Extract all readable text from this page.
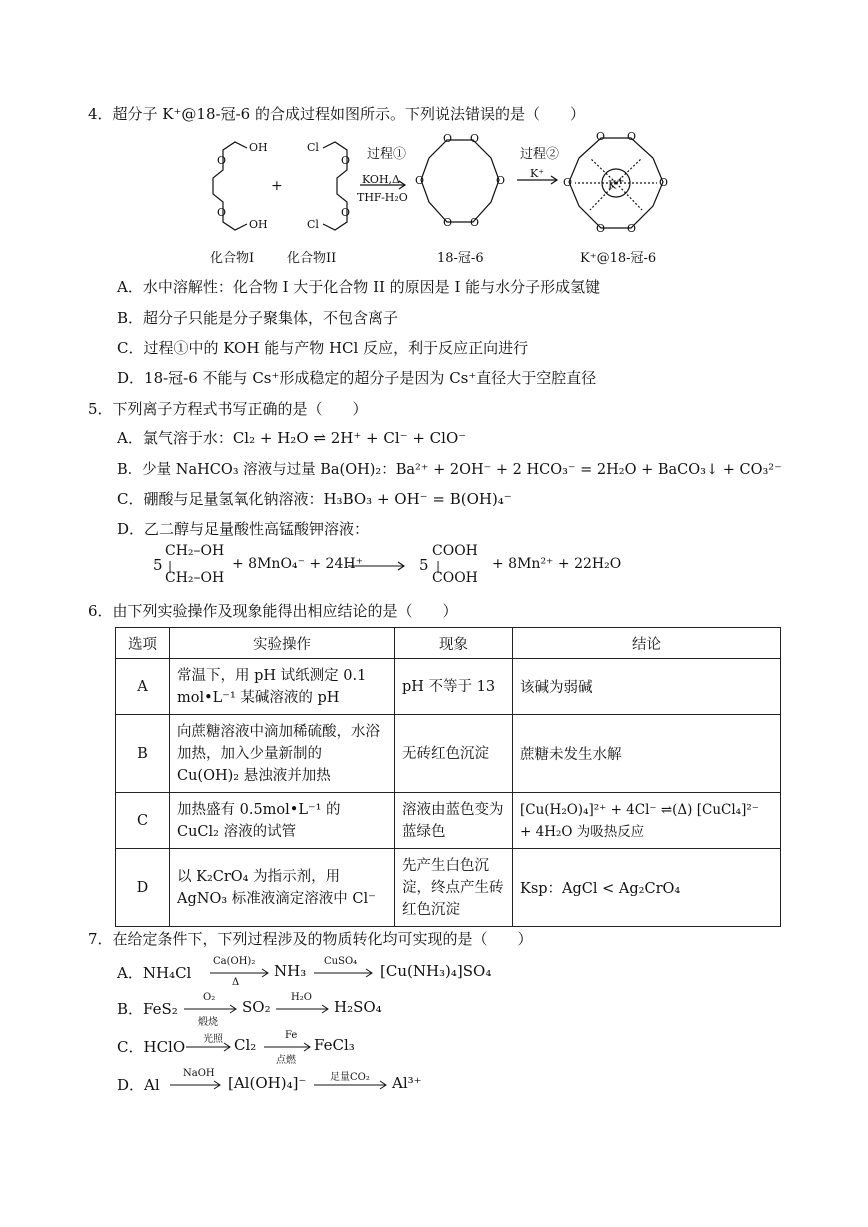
4．超分子 K⁺@18-冠-6 的合成过程如图所示。下列说法错误的是（　　）
OH
OH
O
O
Cl
Cl
O
O
O O
O	O
O O
O O
O	O
O O
+
过程①
KOH,Δ
THF-H₂O
过程②
K⁺
K+
化合物I	化合物II	18-冠-6	K⁺@18-冠-6
A．水中溶解性：化合物 I 大于化合物 II 的原因是 I 能与水分子形成氢键
B．超分子只能是分子聚集体，不包含离子
C．过程①中的 KOH 能与产物 HCl 反应，利于反应正向进行
D．18-冠-6 不能与 Cs⁺形成稳定的超分子是因为 Cs⁺直径大于空腔直径
5．下列离子方程式书写正确的是（　　）
A．氯气溶于水：Cl₂ + H₂O ⇌ 2H⁺ + Cl⁻ + ClO⁻
B．少量 NaHCO₃ 溶液与过量 Ba(OH)₂：Ba²⁺ + 2OH⁻ + 2 HCO₃⁻ = 2H₂O + BaCO₃↓ + CO₃²⁻
C．硼酸与足量氢氧化钠溶液：H₃BO₃ + OH⁻ = B(OH)₄⁻
D．乙二醇与足量酸性高锰酸钾溶液：
5
CH₂–OH
|
CH₂–OH
+ 8MnO₄⁻ + 24H⁺	5
COOH
|
COOH
+ 8Mn²⁺ + 22H₂O
6．由下列实验操作及现象能得出相应结论的是（　　）
选项	实验操作	现象	结论
A	常温下，用 pH 试纸测定 0.1 mol•L⁻¹ 某碱溶液的 pH	pH 不等于 13	该碱为弱碱
B	向蔗糖溶液中滴加稀硫酸，水浴加热，加入少量新制的 Cu(OH)₂ 悬浊液并加热	无砖红色沉淀	蔗糖未发生水解
C	加热盛有 0.5mol•L⁻¹ 的 CuCl₂ 溶液的试管	溶液由蓝色变为蓝绿色	[Cu(H₂O)₄]²⁺ + 4Cl⁻ ⇌(Δ) [CuCl₄]²⁻ + 4H₂O 为吸热反应
D	以 K₂CrO₄ 为指示剂，用 AgNO₃ 标准液滴定溶液中 Cl⁻	先产生白色沉淀，终点产生砖红色沉淀	Ksp：AgCl < Ag₂CrO₄
7．在给定条件下，下列过程涉及的物质转化均可实现的是（　　）
A．NH₄Cl
Ca(OH)₂
Δ
NH₃
CuSO₄
[Cu(NH₃)₄]SO₄
B．FeS₂
O₂
煅烧
SO₂
H₂O
H₂SO₄
C．HClO 光照 Cl₂
Fe
点燃
FeCl₃
D．Al
NaOH
[Al(OH)₄]⁻ 足量CO₂ Al³⁺
